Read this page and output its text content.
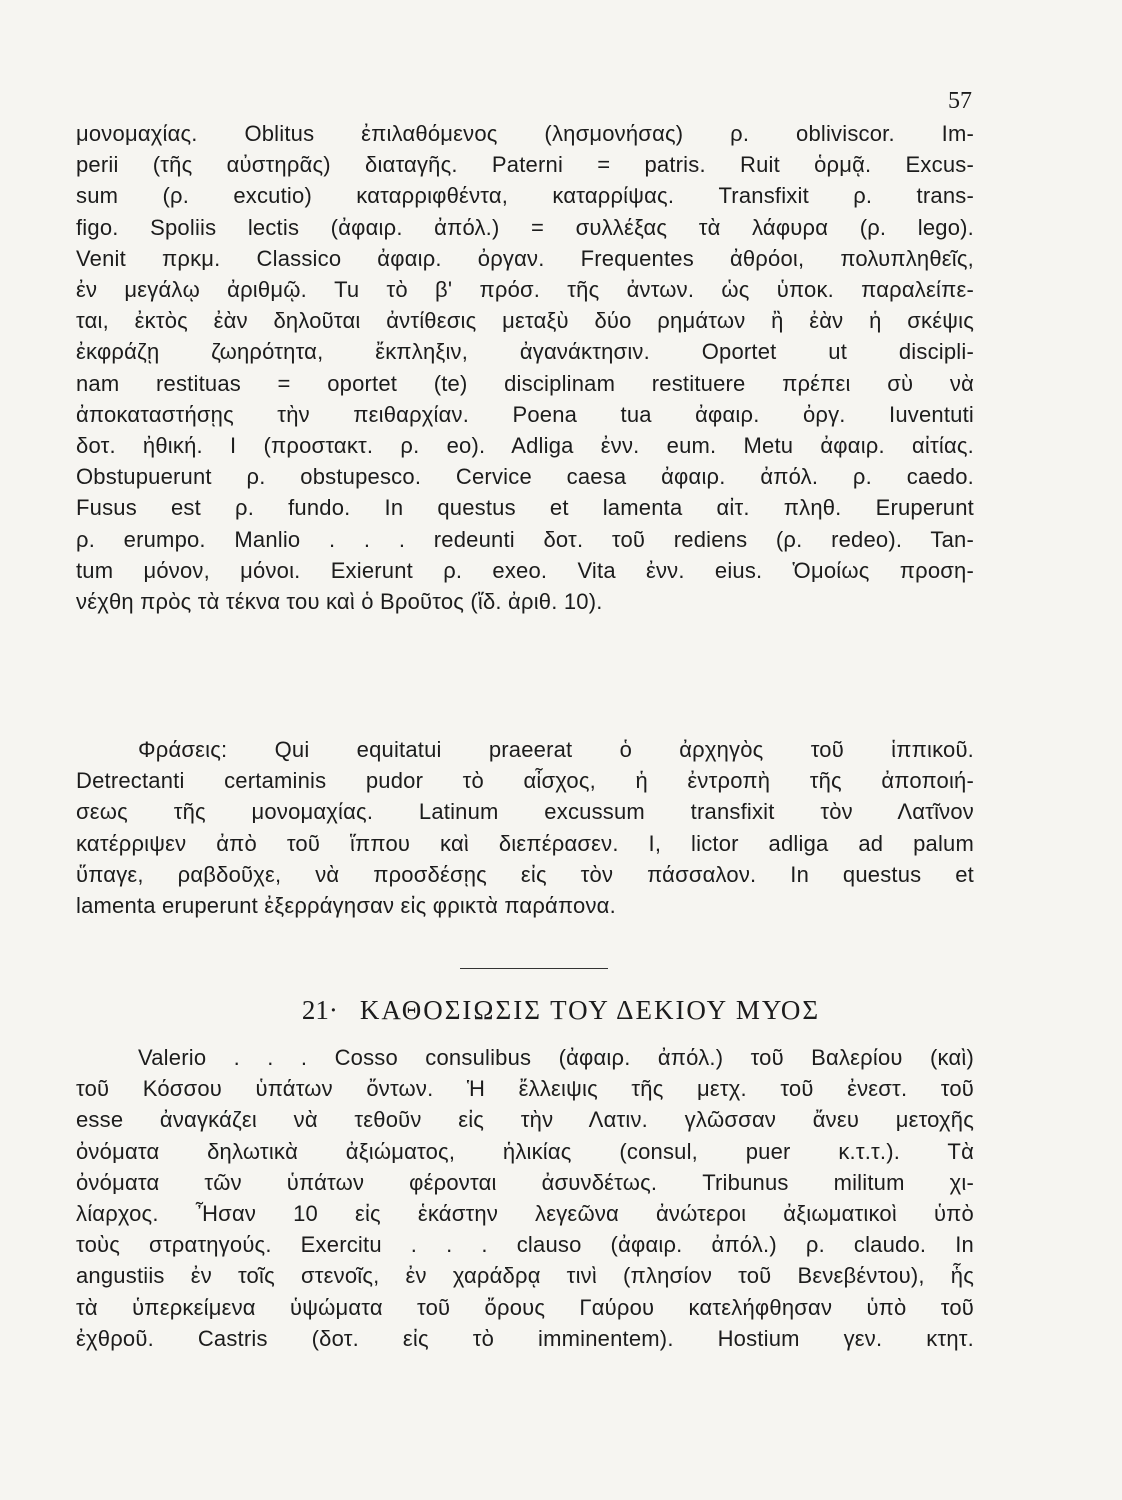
57
μονομαχίας. Oblitus ἐπιλαθόμενος (λησμονήσας) ρ. obliviscor. Im-
perii (τῆς αὐστηρᾶς) διαταγῆς. Paterni = patris. Ruit ὁρμᾷ. Excus-
sum (ρ. excutio) καταρριφθέντα, καταρρίψας. Transfixit ρ. trans-
figo. Spoliis lectis (ἀφαιρ. ἀπόλ.) = συλλέξας τὰ λάφυρα (ρ. lego).
Venit πρκμ. Classico ἀφαιρ. ὀργαν. Frequentes ἀθρόοι, πολυπληθεῖς,
ἐν μεγάλῳ ἀριθμῷ. Tu τὸ β' πρόσ. τῆς ἀντων. ὡς ὑποκ. παραλείπε-
ται, ἐκτὸς ἐὰν δηλοῦται ἀντίθεσις μεταξὺ δύο ρημάτων ἢ ἐὰν ἡ σκέψις
ἐκφράζῃ ζωηρότητα, ἔκπληξιν, ἀγανάκτησιν. Oportet ut discipli-
nam restituas = oportet (te) disciplinam restituere πρέπει σὺ νὰ
ἀποκαταστήσῃς τὴν πειθαρχίαν. Poena tua ἀφαιρ. ὀργ. Iuventuti
δοτ. ἠθική. I (προστακτ. ρ. eo). Adliga ἐνν. eum. Metu ἀφαιρ. αἰτίας.
Obstupuerunt ρ. obstupesco. Cervice caesa ἀφαιρ. ἀπόλ. ρ. caedo.
Fusus est ρ. fundo. In questus et lamenta αἰτ. πληθ. Eruperunt
ρ. erumpo. Manlio . . . redeunti δοτ. τοῦ rediens (ρ. redeo). Tan-
tum μόνον, μόνοι. Exierunt ρ. exeo. Vita ἐνν. eius. Ὁμοίως προση-
νέχθη πρὸς τὰ τέκνα του καὶ ὁ Βροῦτος (ἴδ. ἀριθ. 10).
Φράσεις: Qui equitatui praeerat ὁ ἀρχηγὸς τοῦ ἱππικοῦ.
Detrectanti certaminis pudor τὸ αἶσχος, ἡ ἐντροπὴ τῆς ἀποποιή-
σεως τῆς μονομαχίας. Latinum excussum transfixit τὸν Λατῖνον
κατέρριψεν ἀπὸ τοῦ ἵππου καὶ διεπέρασεν. I, lictor adliga ad palum
ὕπαγε, ραβδοῦχε, νὰ προσδέσῃς εἰς τὸν πάσσαλον. In questus et
lamenta eruperunt ἐξερράγησαν εἰς φρικτὰ παράπονα.
21· ΚΑΘΟΣΙΩΣΙΣ ΤΟΥ ΔΕΚΙΟΥ ΜΥΟΣ
Valerio . . . Cosso consulibus (ἀφαιρ. ἀπόλ.) τοῦ Βαλερίου (καὶ)
τοῦ Κόσσου ὑπάτων ὄντων. Ἡ ἔλλειψις τῆς μετχ. τοῦ ἐνεστ. τοῦ
esse ἀναγκάζει νὰ τεθοῦν εἰς τὴν Λατιν. γλῶσσαν ἄνευ μετοχῆς
ὀνόματα δηλωτικὰ ἀξιώματος, ἡλικίας (consul, puer κ.τ.τ.). Τὰ
ὀνόματα τῶν ὑπάτων φέρονται ἀσυνδέτως. Tribunus militum χι-
λίαρχος. Ἦσαν 10 εἰς ἑκάστην λεγεῶνα ἀνώτεροι ἀξιωματικοὶ ὑπὸ
τοὺς στρατηγούς. Exercitu . . . clauso (ἀφαιρ. ἀπόλ.) ρ. claudo. In
angustiis ἐν τοῖς στενοῖς, ἐν χαράδρᾳ τινὶ (πλησίον τοῦ Βενεβέντου), ἧς
τὰ ὑπερκείμενα ὑψώματα τοῦ ὄρους Γαύρου κατελήφθησαν ὑπὸ τοῦ
ἐχθροῦ. Castris (δοτ. εἰς τὸ imminentem). Hostium γεν. κτητ.
